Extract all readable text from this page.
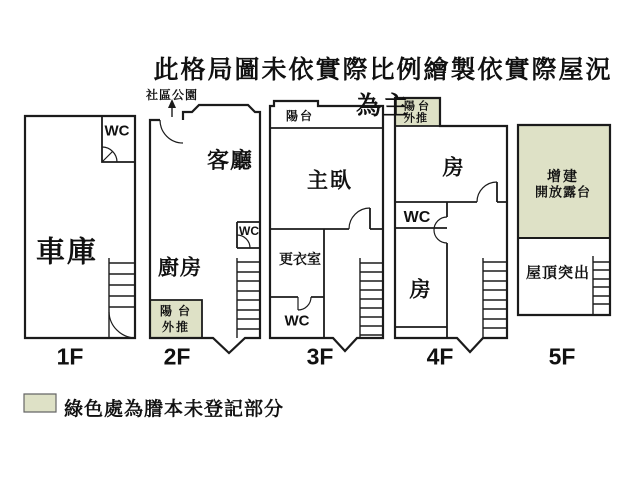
此格局圖未依實際比例繪製依實際屋況為主
車庫
WC
1F
社區公園
客廳
廚房
WC
陽台
外推
2F
陽台
主臥
更衣室
WC
3F
陽台
外推
房
WC
房
4F
增建
開放露台
屋頂突出
5F
綠色處為謄本未登記部分
